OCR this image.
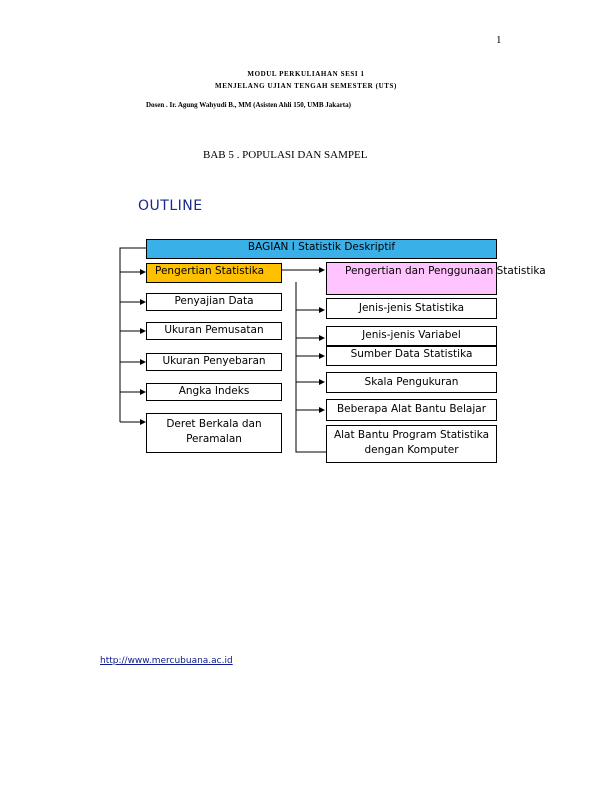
1
MODUL PERKULIAHAN SESI 1
MENJELANG UJIAN TENGAH SEMESTER (UTS)
Dosen . Ir. Agung Wahyudi B., MM (Asisten Ahli 150, UMB Jakarta)
BAB 5 . POPULASI DAN SAMPEL
OUTLINE
BAGIAN I Statistik Deskriptif
Pengertian Statistika
Penyajian Data
Ukuran Pemusatan
Ukuran Penyebaran
Angka Indeks
Deret Berkala dan Peramalan
Pengertian dan Penggunaan Statistika
Jenis-jenis Statistika
Jenis-jenis Variabel
Sumber Data Statistika
Skala Pengukuran
Beberapa Alat Bantu Belajar
Alat Bantu Program Statistika dengan Komputer
http://www.mercubuana.ac.id
